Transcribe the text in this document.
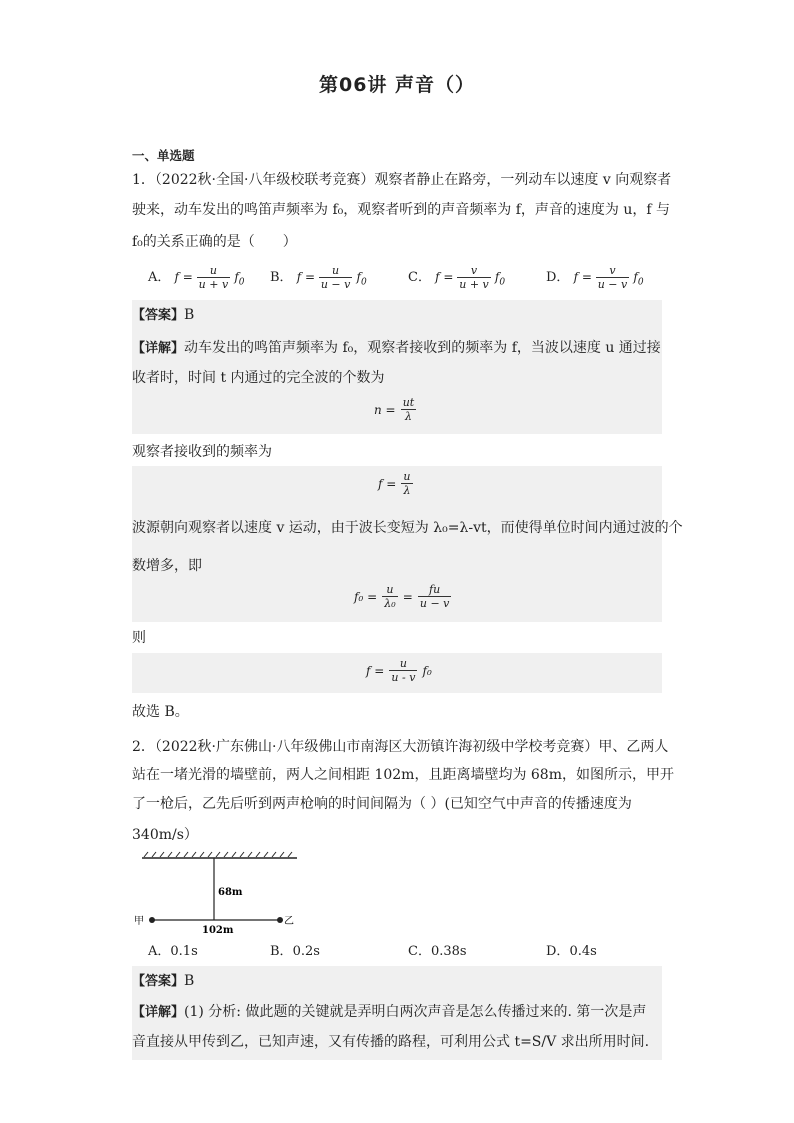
第06讲 声音（）
一、单选题
1．（2022秋·全国·八年级校联考竞赛）观察者静止在路旁，一列动车以速度 v 向观察者
驶来，动车发出的鸣笛声频率为 f₀，观察者听到的声音频率为 f，声音的速度为 u，f 与
f₀的关系正确的是（　　）
A． $f = \frac{u}{u + v} f_0$ B． $f = \frac{u}{u - v} f_0$	C． $f = \frac{v}{u + v} f_0$	D． $f = \frac{v}{u - v} f_0$
【答案】B
【详解】动车发出的鸣笛声频率为 f₀，观察者接收到的频率为 f，当波以速度 u 通过接
收者时，时间 t 内通过的完全波的个数为
$n = \frac{ut}{\lambda}$
观察者接收到的频率为
$f = \frac{u}{\lambda}$
波源朝向观察者以速度 v 运动，由于波长变短为 λ₀=λ-vt，而使得单位时间内通过波的个
数增多，即
$f_0 = \frac{u}{\text{λ₀}} = \frac{fu}{u - v}$
则
$f = \frac{u}{u - v} f_0$
故选 B。
2．（2022秋·广东佛山·八年级佛山市南海区大沥镇许海初级中学校考竞赛）甲、乙两人
站在一堵光滑的墙壁前，两人之间相距 102m，且距离墙壁均为 68m，如图所示，甲开
了一枪后，乙先后听到两声枪响的时间间隔为（ ）(已知空气中声音的传播速度为
340m/s）
68m
102m
甲	乙
A．0.1s	B．0.2s	C．0.38s	D．0.4s
【答案】B
【详解】(1) 分析: 做此题的关键就是弄明白两次声音是怎么传播过来的. 第一次是声
音直接从甲传到乙，已知声速，又有传播的路程，可利用公式 t=S/V 求出所用时间.
